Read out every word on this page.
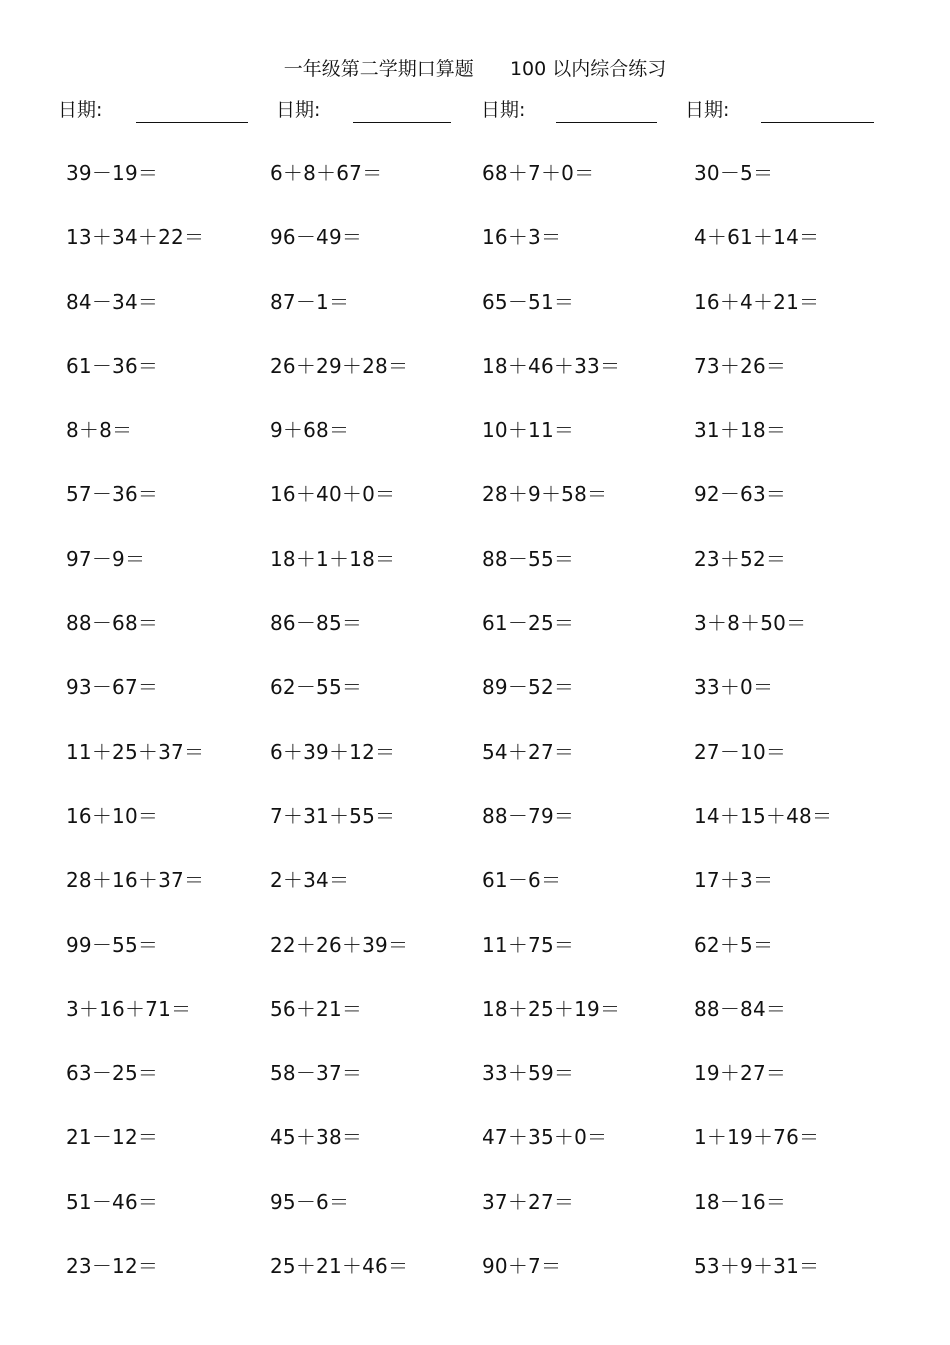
一年级第二学期口算题      100 以内综合练习
日期:	日期:	日期:	日期:
39－19＝	6＋8＋67＝	68＋7＋0＝	30－5＝
13＋34＋22＝	96－49＝	16＋3＝	4＋61＋14＝
84－34＝	87－1＝	65－51＝	16＋4＋21＝
61－36＝	26＋29＋28＝	18＋46＋33＝	73＋26＝
8＋8＝	9＋68＝	10＋11＝	31＋18＝
57－36＝	16＋40＋0＝	28＋9＋58＝	92－63＝
97－9＝	18＋1＋18＝	88－55＝	23＋52＝
88－68＝	86－85＝	61－25＝	3＋8＋50＝
93－67＝	62－55＝	89－52＝	33＋0＝
11＋25＋37＝	6＋39＋12＝	54＋27＝	27－10＝
16＋10＝	7＋31＋55＝	88－79＝	14＋15＋48＝
28＋16＋37＝	2＋34＝	61－6＝	17＋3＝
99－55＝	22＋26＋39＝	11＋75＝	62＋5＝
3＋16＋71＝	56＋21＝	18＋25＋19＝	88－84＝
63－25＝	58－37＝	33＋59＝	19＋27＝
21－12＝	45＋38＝	47＋35＋0＝	1＋19＋76＝
51－46＝	95－6＝	37＋27＝	18－16＝
23－12＝	25＋21＋46＝	90＋7＝	53＋9＋31＝
